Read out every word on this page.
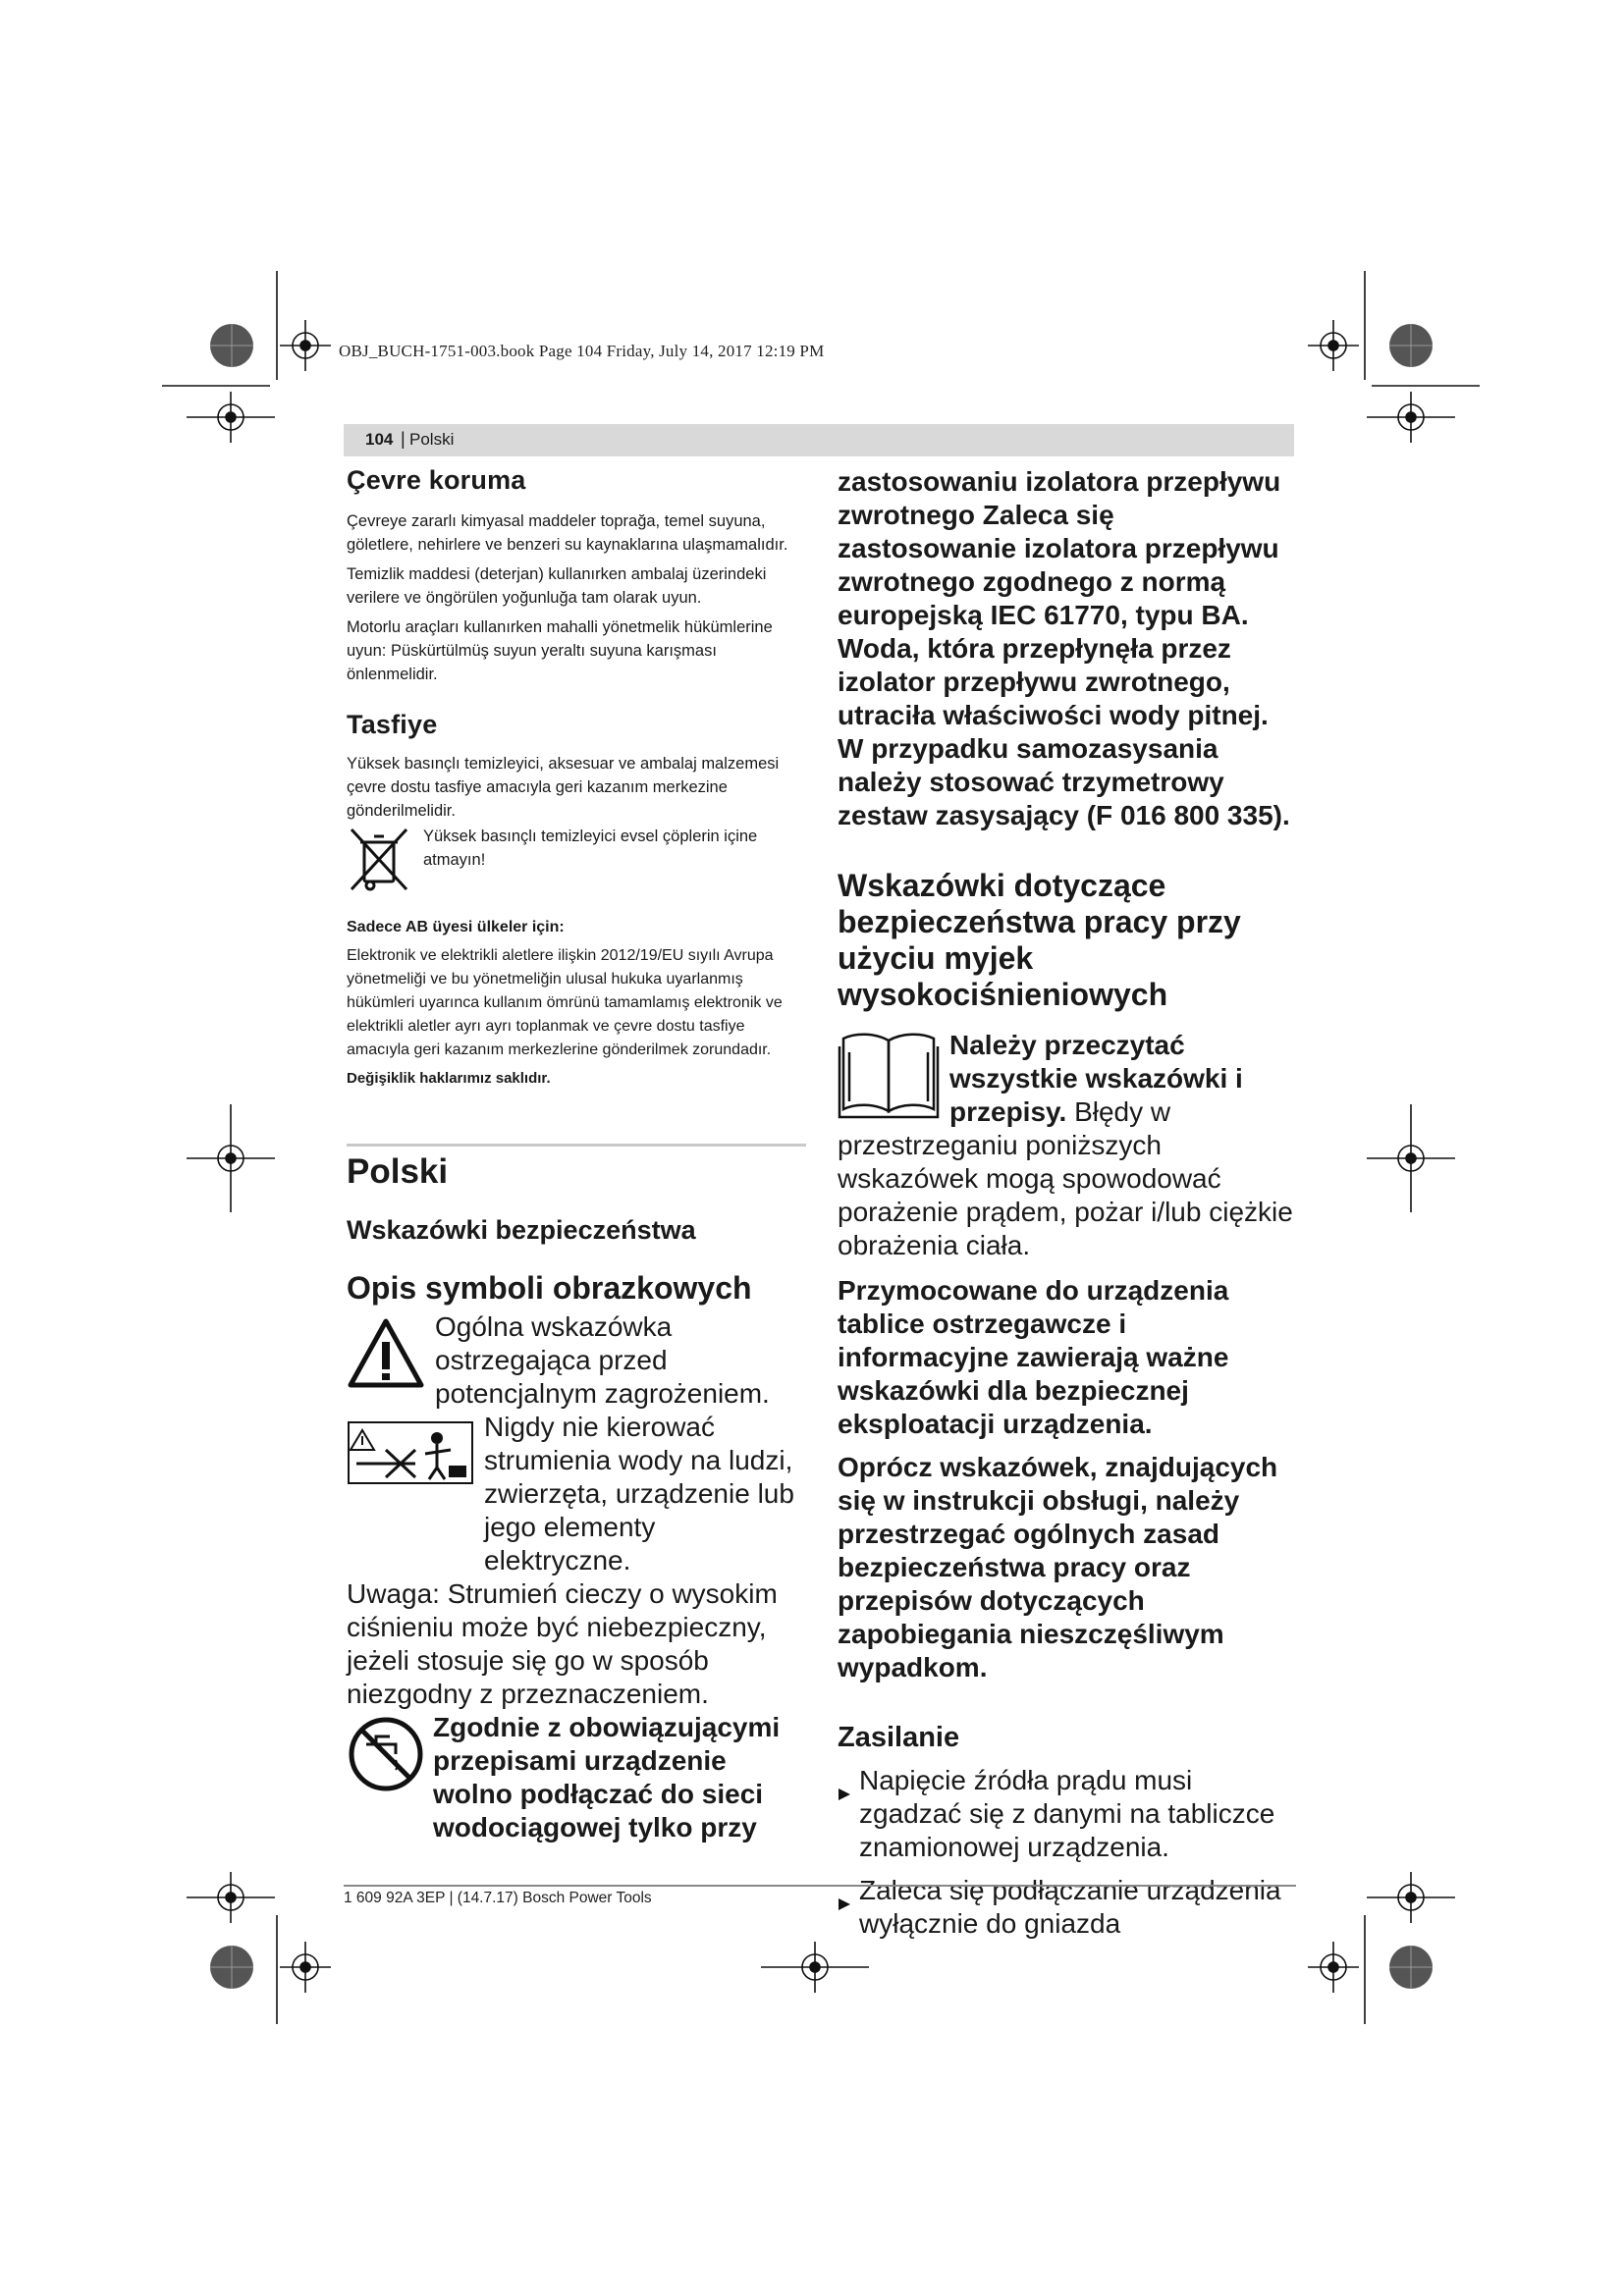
OBJ_BUCH-1751-003.book Page 104 Friday, July 14, 2017 12:19 PM
104 | Polski
Çevre koruma

Çevreye zararlı kimyasal maddeler toprağa, temel suyuna, göletlere, nehirlere ve benzeri su kaynaklarına ulaşmamalıdır.

Temizlik maddesi (deterjan) kullanırken ambalaj üzerindeki verilere ve öngörülen yoğunluğa tam olarak uyun.

Motorlu araçları kullanırken mahalli yönetmelik hükümlerine uyun: Püskürtülmüş suyun yeraltı suyuna karışması önlenmelidir.

Tasfiye

Yüksek basınçlı temizleyici, aksesuar ve ambalaj malzemesi çevre dostu tasfiye amacıyla geri kazanım merkezine gönderilmelidir.

Yüksek basınçlı temizleyici evsel çöplerin içine atmayın!

Sadece AB üyesi ülkeler için:

Elektronik ve elektrikli aletlere ilişkin 2012/19/EU sıyılı Avrupa yönetmeliği ve bu yönetmeliğin ulusal hukuka uyarlanmış hükümleri uyarınca kullanım ömrünü tamamlamış elektronik ve elektrikli aletler ayrı ayrı toplanmak ve çevre dostu tasfiye amacıyla geri kazanım merkezlerine gönderilmek zorundadır.

Değişiklik haklarımız saklıdır.

Polski
Wskazówki bezpieczeństwa
Opis symboli obrazkowych
Ogólna wskazówka ostrzegająca przed potencjalnym zagrożeniem.
Nigdy nie kierować strumienia wody na ludzi, zwierzęta, urządzenie lub jego elementy elektryczne.
Uwaga: Strumień cieczy o wysokim ciśnieniu może być niebezpieczny, jeżeli stosuje się go w sposób niezgodny z przeznaczeniem.
Zgodnie z obowiązującymi przepisami urządzenie wolno podłączać do sieci wodociągowej tylko przy

zastosowaniu izolatora przepływu zwrotnego Zaleca się zastosowanie izolatora przepływu zwrotnego zgodnego z normą europejską IEC 61770, typu BA. Woda, która przepłynęła przez izolator przepływu zwrotnego, utraciła właściwości wody pitnej. W przypadku samozasysania należy stosować trzymetrowy zestaw zasysający (F 016 800 335).

Wskazówki dotyczące bezpieczeństwa pracy przy użyciu myjek wysokociśnieniowych

Należy przeczytać wszystkie wskazówki i przepisy. Błędy w przestrzeganiu poniższych wskazówek mogą spowodować porażenie prądem, pożar i/lub ciężkie obrażenia ciała.

Przymocowane do urządzenia tablice ostrzegawcze i informacyjne zawierają ważne wskazówki dla bezpiecznej eksploatacji urządzenia.

Oprócz wskazówek, znajdujących się w instrukcji obsługi, należy przestrzegać ogólnych zasad bezpieczeństwa pracy oraz przepisów dotyczących zapobiegania nieszczęśliwym wypadkom.

Zasilanie
Napięcie źródła prądu musi zgadzać się z danymi na tabliczce znamionowej urządzenia.
Zaleca się podłączanie urządzenia wyłącznie do gniazda
1 609 92A 3EP | (14.7.17) Bosch Power Tools
